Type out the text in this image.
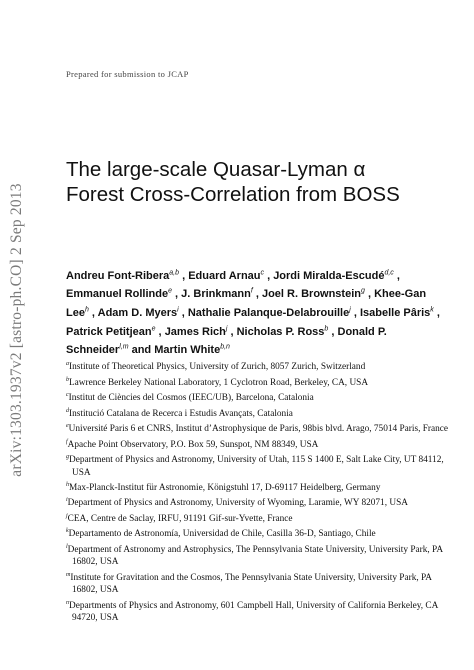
arXiv:1303.1937v2 [astro-ph.CO] 2 Sep 2013
Prepared for submission to JCAP
The large-scale Quasar-Lyman α
Forest Cross-Correlation from BOSS
Andreu Font-Ribera$^{a,b}$ , Eduard Arnau$^c$ , Jordi Miralda-Escudé$^{d,c}$ , Emmanuel Rollinde$^e$ , J. Brinkmann$^f$ , Joel R. Brownstein$^g$ , Khee-Gan Lee$^h$ , Adam D. Myers$^i$ , Nathalie Palanque-Delabrouille$^j$ , Isabelle Pâris$^k$ , Patrick Petitjean$^e$ , James Rich$^j$ , Nicholas P. Ross$^b$ , Donald P. Schneider$^{l,m}$ and Martin White$^{b,n}$
$^a$Institute of Theoretical Physics, University of Zurich, 8057 Zurich, Switzerland
$^b$Lawrence Berkeley National Laboratory, 1 Cyclotron Road, Berkeley, CA, USA
$^c$Institut de Ciències del Cosmos (IEEC/UB), Barcelona, Catalonia
$^d$Institució Catalana de Recerca i Estudis Avançats, Catalonia
$^e$Université Paris 6 et CNRS, Institut d’Astrophysique de Paris, 98bis blvd. Arago, 75014 Paris, France
$^f$Apache Point Observatory, P.O. Box 59, Sunspot, NM 88349, USA
$^g$Department of Physics and Astronomy, University of Utah, 115 S 1400 E, Salt Lake City, UT 84112, USA
$^h$Max-Planck-Institut für Astronomie, Königstuhl 17, D-69117 Heidelberg, Germany
$^i$Department of Physics and Astronomy, University of Wyoming, Laramie, WY 82071, USA
$^j$CEA, Centre de Saclay, IRFU, 91191 Gif-sur-Yvette, France
$^k$Departamento de Astronomía, Universidad de Chile, Casilla 36-D, Santiago, Chile
$^l$Department of Astronomy and Astrophysics, The Pennsylvania State University, University Park, PA 16802, USA
$^m$Institute for Gravitation and the Cosmos, The Pennsylvania State University, University Park, PA 16802, USA
$^n$Departments of Physics and Astronomy, 601 Campbell Hall, University of California Berkeley, CA 94720, USA
